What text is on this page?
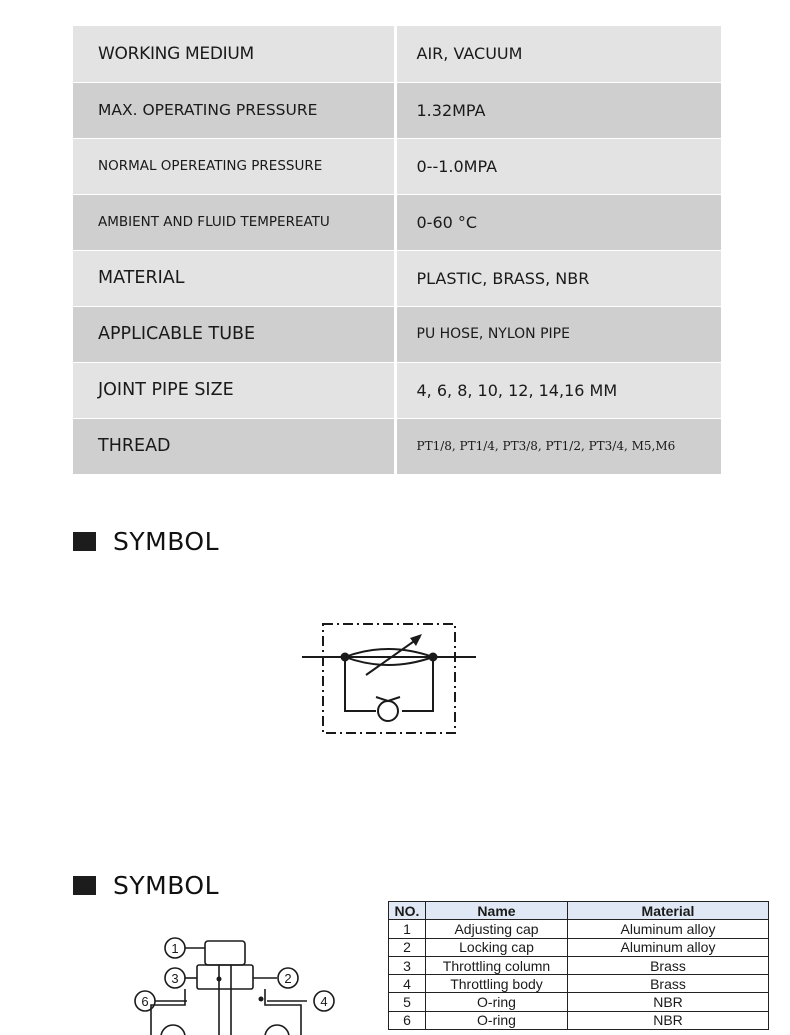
WORKING MEDIUM	AIR, VACUUM
MAX. OPERATING PRESSURE	1.32MPA
NORMAL OPEREATING PRESSURE	0--1.0MPA
AMBIENT AND FLUID TEMPEREATU	0-60 °C
MATERIAL	PLASTIC, BRASS, NBR
APPLICABLE TUBE	PU HOSE, NYLON PIPE
JOINT PIPE SIZE	4, 6, 8, 10, 12, 14,16 MM
THREAD	PT1/8, PT1/4, PT3/8, PT1/2, PT3/4, M5,M6
SYMBOL
SYMBOL
1
2
3
4
6
NO.	Name	Material
1	Adjusting cap	Aluminum alloy
2	Locking cap	Aluminum alloy
3	Throttling column	Brass
4	Throttling body	Brass
5	O-ring	NBR
6	O-ring	NBR
